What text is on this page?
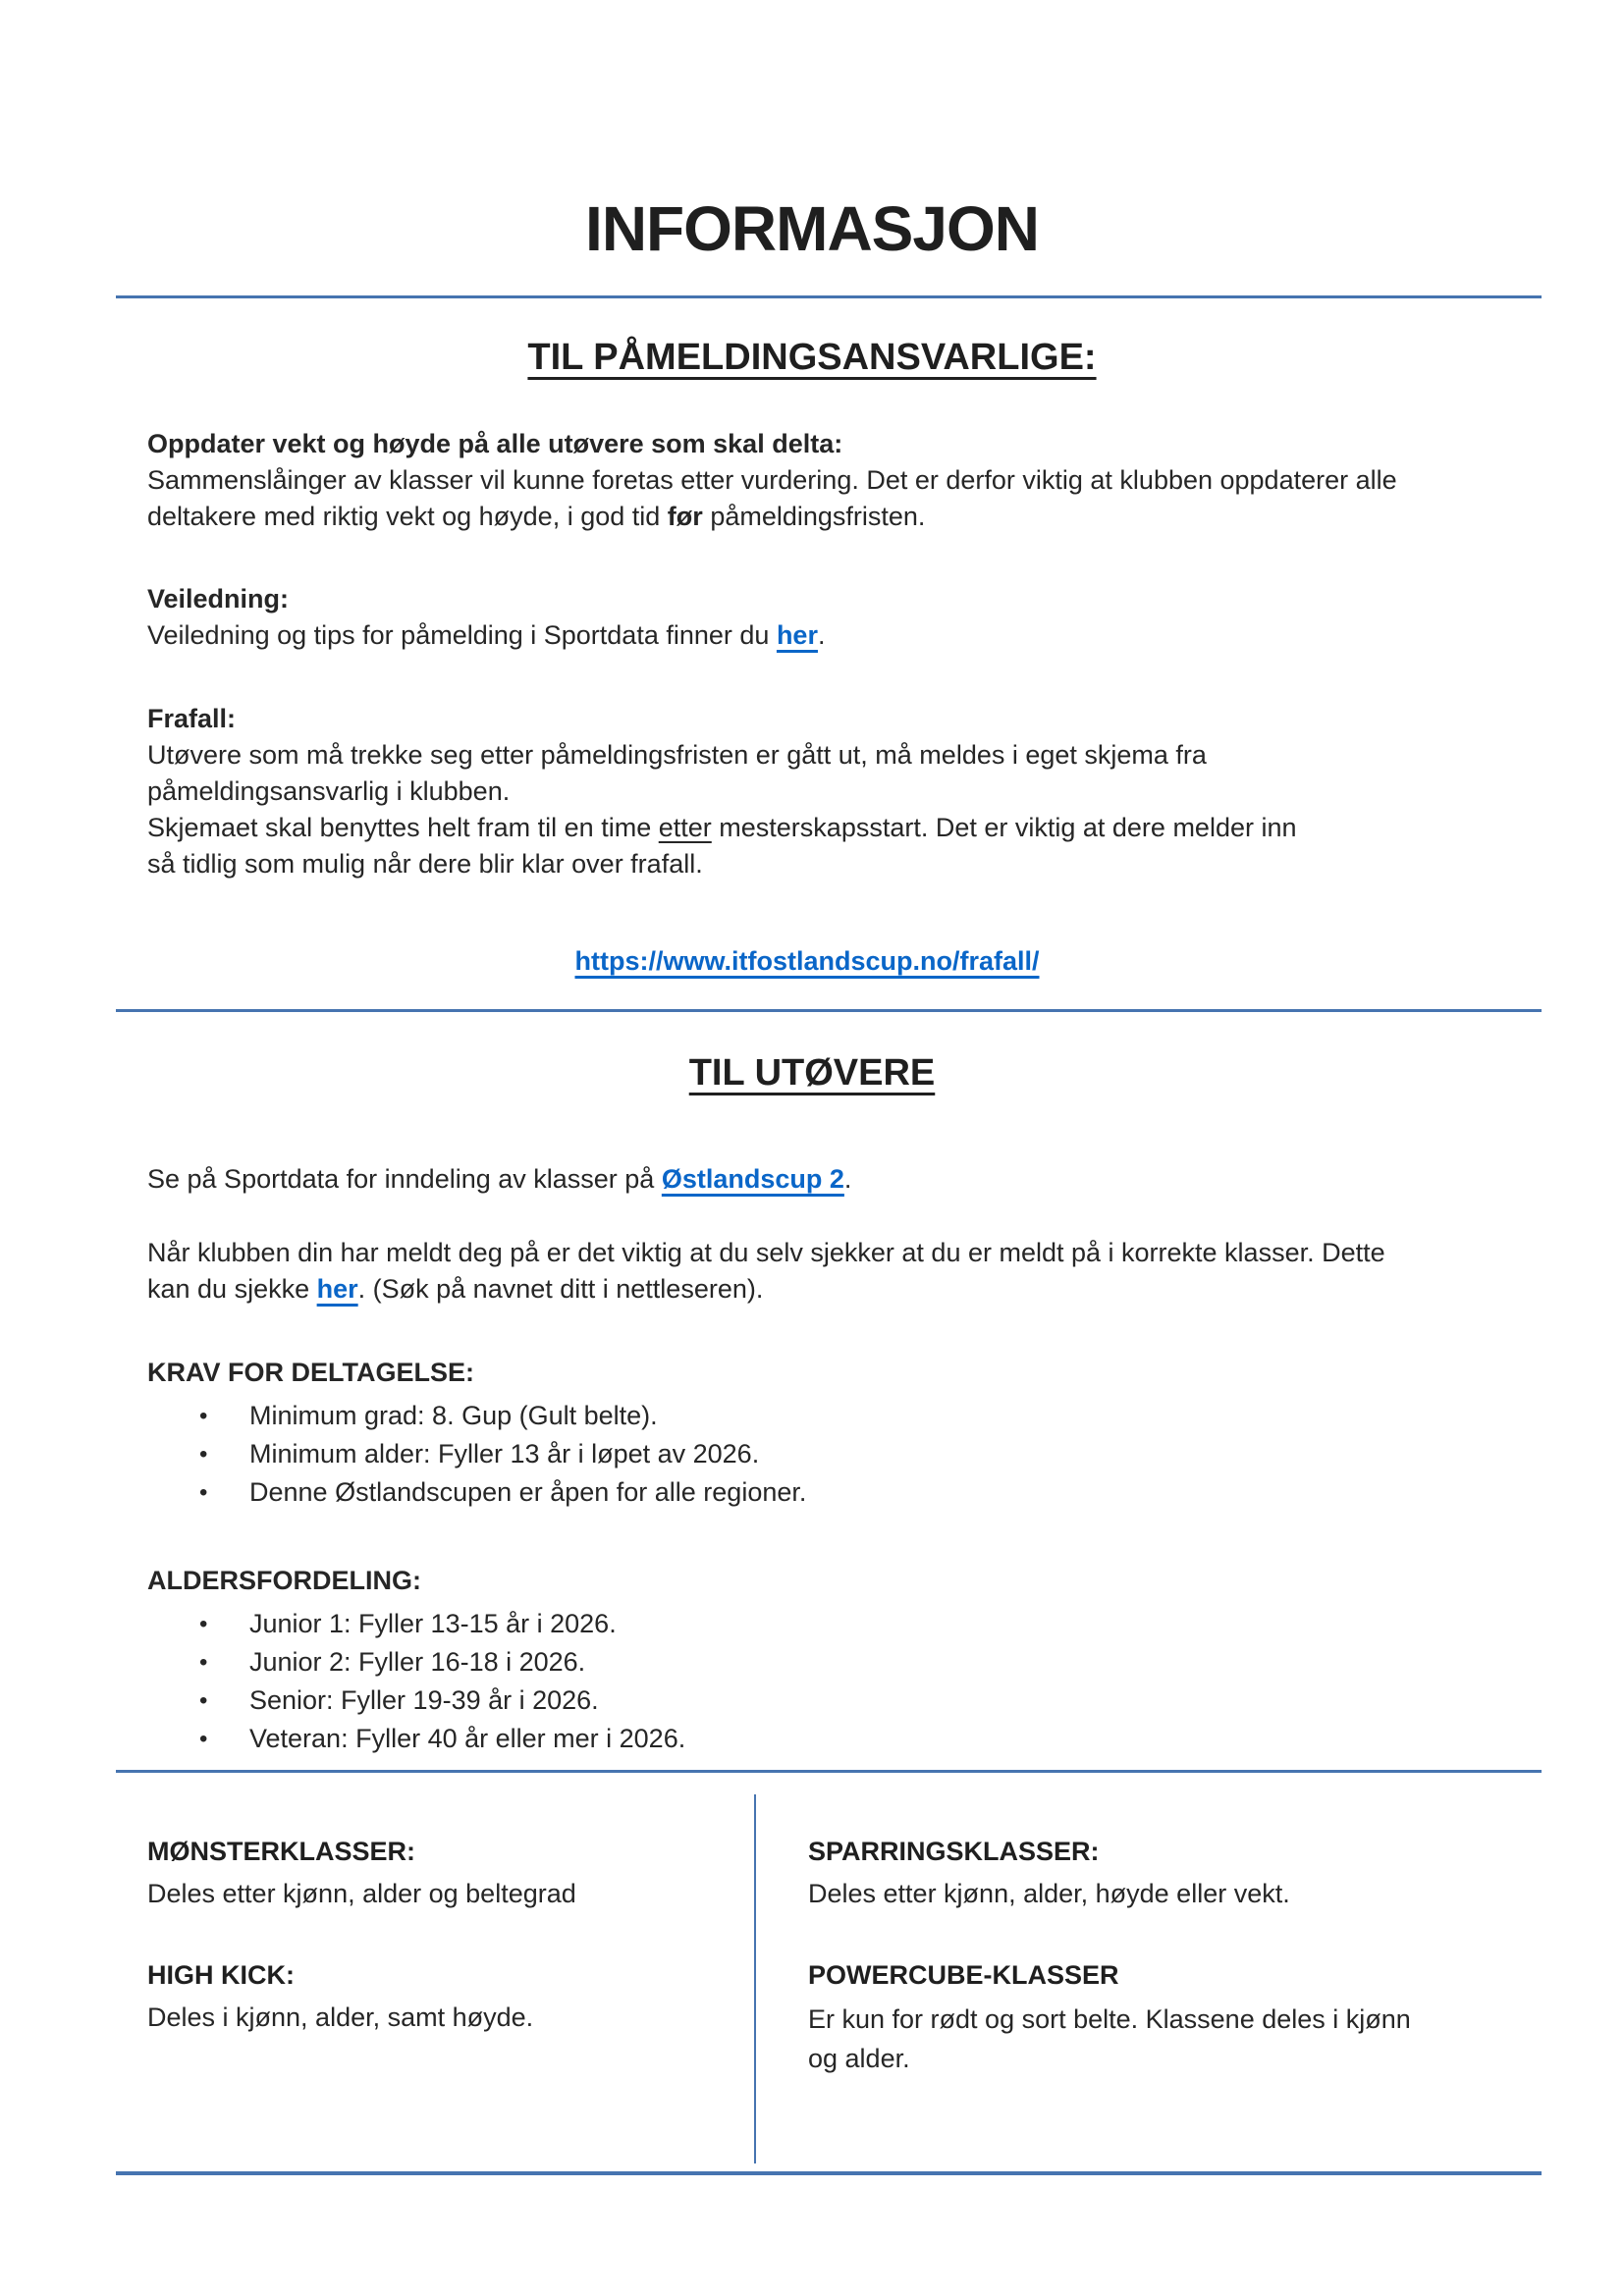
INFORMASJON
TIL PÅMELDINGSANSVARLIGE:
Oppdater vekt og høyde på alle utøvere som skal delta:
Sammenslåinger av klasser vil kunne foretas etter vurdering. Det er derfor viktig at klubben oppdaterer alle
deltakere med riktig vekt og høyde, i god tid før påmeldingsfristen.
Veiledning:
Veiledning og tips for påmelding i Sportdata finner du her.
Frafall:
Utøvere som må trekke seg etter påmeldingsfristen er gått ut, må meldes i eget skjema fra
påmeldingsansvarlig i klubben.
Skjemaet skal benyttes helt fram til en time etter mesterskapsstart. Det er viktig at dere melder inn
så tidlig som mulig når dere blir klar over frafall.
https://www.itfostlandscup.no/frafall/
TIL UTØVERE
Se på Sportdata for inndeling av klasser på Østlandscup 2.
Når klubben din har meldt deg på er det viktig at du selv sjekker at du er meldt på i korrekte klasser. Dette
kan du sjekke her. (Søk på navnet ditt i nettleseren).
KRAV FOR DELTAGELSE:
• Minimum grad: 8. Gup (Gult belte).
• Minimum alder: Fyller 13 år i løpet av 2026.
• Denne Østlandscupen er åpen for alle regioner.
ALDERSFORDELING:
• Junior 1: Fyller 13-15 år i 2026.
• Junior 2: Fyller 16-18 i 2026.
• Senior: Fyller 19-39 år i 2026.
• Veteran: Fyller 40 år eller mer i 2026.
MØNSTERKLASSER:

Deles etter kjønn, alder og beltegrad

HIGH KICK:

Deles i kjønn, alder, samt høyde.

SPARRINGSKLASSER:

Deles etter kjønn, alder, høyde eller vekt.

POWERCUBE-KLASSER

Er kun for rødt og sort belte. Klassene deles i kjønn og alder.
